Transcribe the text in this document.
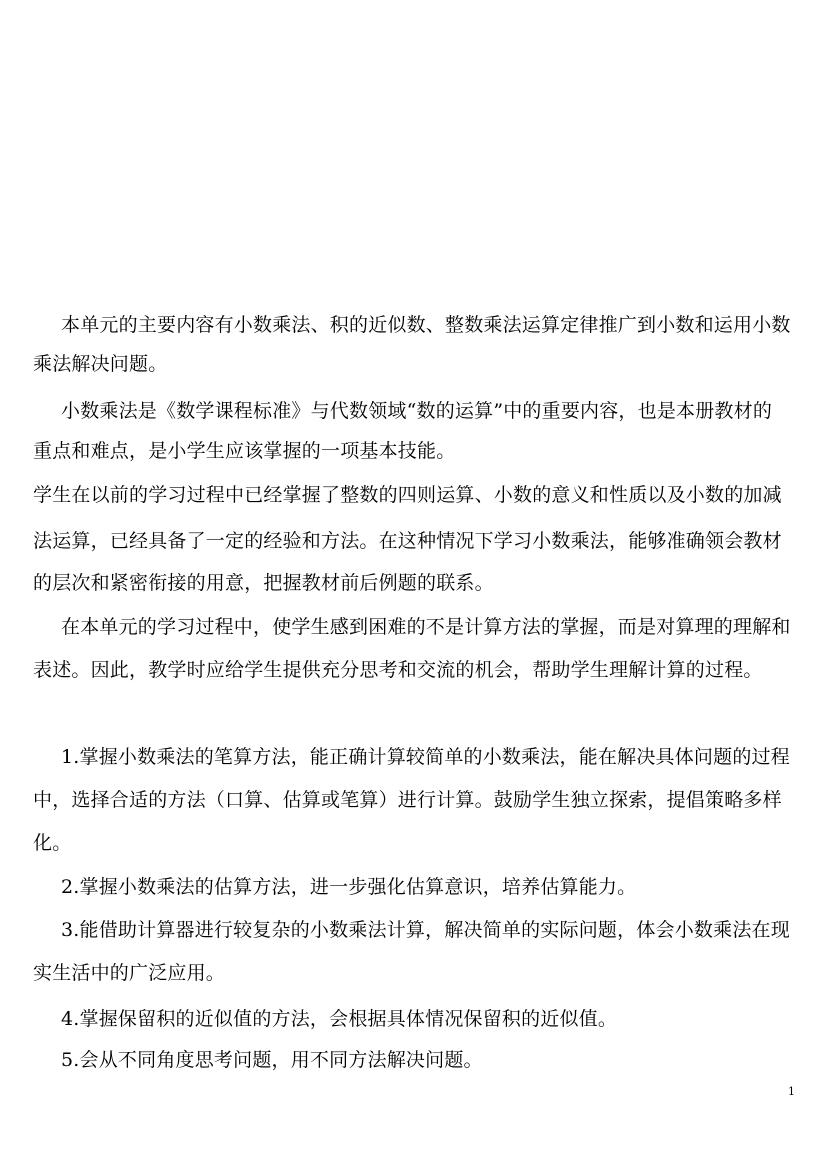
本单元的主要内容有小数乘法、积的近似数、整数乘法运算定律推广到小数和运用小数
乘法解决问题。
小数乘法是《数学课程标准》与代数领域“数的运算”中的重要内容，也是本册教材的
重点和难点，是小学生应该掌握的一项基本技能。
学生在以前的学习过程中已经掌握了整数的四则运算、小数的意义和性质以及小数的加减
法运算，已经具备了一定的经验和方法。在这种情况下学习小数乘法，能够准确领会教材
的层次和紧密衔接的用意，把握教材前后例题的联系。
在本单元的学习过程中，使学生感到困难的不是计算方法的掌握，而是对算理的理解和
表述。因此，教学时应给学生提供充分思考和交流的机会，帮助学生理解计算的过程。
1.掌握小数乘法的笔算方法，能正确计算较简单的小数乘法，能在解决具体问题的过程
中，选择合适的方法（口算、估算或笔算）进行计算。鼓励学生独立探索，提倡策略多样
化。
2.掌握小数乘法的估算方法，进一步强化估算意识，培养估算能力。
3.能借助计算器进行较复杂的小数乘法计算，解决简单的实际问题，体会小数乘法在现
实生活中的广泛应用。
4.掌握保留积的近似值的方法，会根据具体情况保留积的近似值。
5.会从不同角度思考问题，用不同方法解决问题。
1
